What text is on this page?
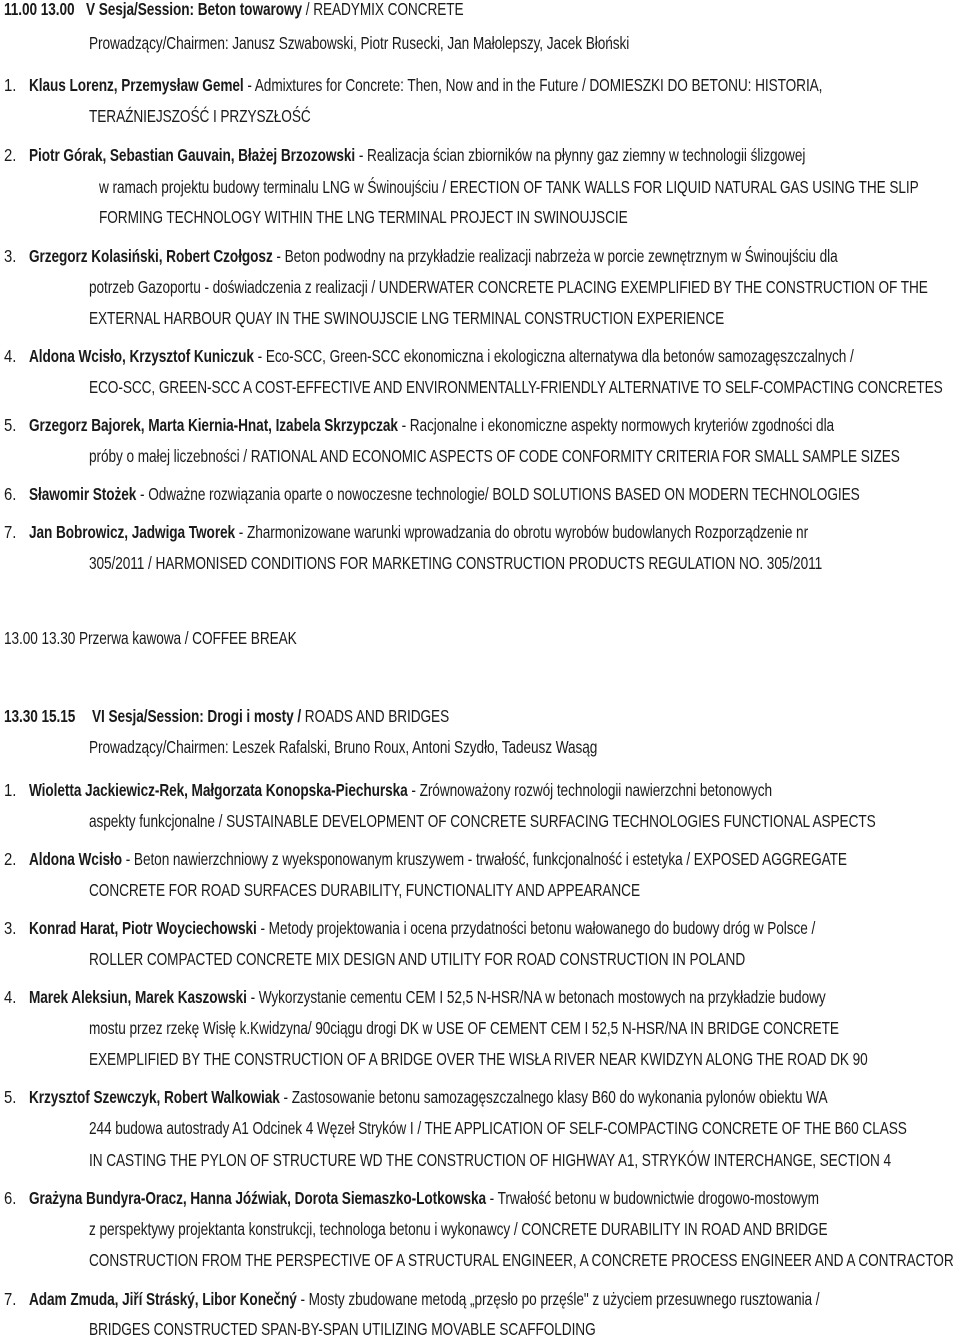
11.00 13.00 V Sesja/Session: Beton towarowy / READYMIX CONCRETE
Prowadzący/Chairmen: Janusz Szwabowski, Piotr Rusecki, Jan Małolepszy, Jacek Błoński
1. Klaus Lorenz, Przemysław Gemel - Admixtures for Concrete: Then, Now and in the Future / DOMIESZKI DO BETONU: HISTORIA,
TERAŹNIEJSZOŚĆ I PRZYSZŁOŚĆ
2. Piotr Górak, Sebastian Gauvain, Błażej Brzozowski - Realizacja ścian zbiorników na płynny gaz ziemny w technologii ślizgowej
w ramach projektu budowy terminalu LNG w Świnoujściu / ERECTION OF TANK WALLS FOR LIQUID NATURAL GAS USING THE SLIP
FORMING TECHNOLOGY WITHIN THE LNG TERMINAL PROJECT IN SWINOUJSCIE
3. Grzegorz Kolasiński, Robert Czołgosz - Beton podwodny na przykładzie realizacji nabrzeża w porcie zewnętrznym w Świnoujściu dla
potrzeb Gazoportu - doświadczenia z realizacji / UNDERWATER CONCRETE PLACING EXEMPLIFIED BY THE CONSTRUCTION OF THE
EXTERNAL HARBOUR QUAY IN THE SWINOUJSCIE LNG TERMINAL CONSTRUCTION EXPERIENCE
4. Aldona Wcisło, Krzysztof Kuniczuk - Eco-SCC, Green-SCC ekonomiczna i ekologiczna alternatywa dla betonów samozagęszczalnych /
ECO-SCC, GREEN-SCC A COST-EFFECTIVE AND ENVIRONMENTALLY-FRIENDLY ALTERNATIVE TO SELF-COMPACTING CONCRETES
5. Grzegorz Bajorek, Marta Kiernia-Hnat, Izabela Skrzypczak - Racjonalne i ekonomiczne aspekty normowych kryteriów zgodności dla
próby o małej liczebności / RATIONAL AND ECONOMIC ASPECTS OF CODE CONFORMITY CRITERIA FOR SMALL SAMPLE SIZES
6. Sławomir Stożek - Odważne rozwiązania oparte o nowoczesne technologie/ BOLD SOLUTIONS BASED ON MODERN TECHNOLOGIES
7. Jan Bobrowicz, Jadwiga Tworek - Zharmonizowane warunki wprowadzania do obrotu wyrobów budowlanych Rozporządzenie nr
305/2011 / HARMONISED CONDITIONS FOR MARKETING CONSTRUCTION PRODUCTS REGULATION NO. 305/2011
13.00 13.30 Przerwa kawowa / COFFEE BREAK
13.30 15.15 VI Sesja/Session: Drogi i mosty / ROADS AND BRIDGES
Prowadzący/Chairmen: Leszek Rafalski, Bruno Roux, Antoni Szydło, Tadeusz Wasąg
1. Wioletta Jackiewicz-Rek, Małgorzata Konopska-Piechurska - Zrównoważony rozwój technologii nawierzchni betonowych
aspekty funkcjonalne / SUSTAINABLE DEVELOPMENT OF CONCRETE SURFACING TECHNOLOGIES FUNCTIONAL ASPECTS
2. Aldona Wcisło - Beton nawierzchniowy z wyeksponowanym kruszywem - trwałość, funkcjonalność i estetyka / EXPOSED AGGREGATE
CONCRETE FOR ROAD SURFACES DURABILITY, FUNCTIONALITY AND APPEARANCE
3. Konrad Harat, Piotr Woyciechowski - Metody projektowania i ocena przydatności betonu wałowanego do budowy dróg w Polsce /
ROLLER COMPACTED CONCRETE MIX DESIGN AND UTILITY FOR ROAD CONSTRUCTION IN POLAND
4. Marek Aleksiun, Marek Kaszowski - Wykorzystanie cementu CEM I 52,5 N-HSR/NA w betonach mostowych na przykładzie budowy
mostu przez rzekę Wisłę k.Kwidzyna/ 90ciągu drogi DK w USE OF CEMENT CEM I 52,5 N-HSR/NA IN BRIDGE CONCRETE
EXEMPLIFIED BY THE CONSTRUCTION OF A BRIDGE OVER THE WISŁA RIVER NEAR KWIDZYN ALONG THE ROAD DK 90
5. Krzysztof Szewczyk, Robert Walkowiak - Zastosowanie betonu samozagęszczalnego klasy B60 do wykonania pylonów obiektu WA
244 budowa autostrady A1 Odcinek 4 Węzeł Stryków I / THE APPLICATION OF SELF-COMPACTING CONCRETE OF THE B60 CLASS
IN CASTING THE PYLON OF STRUCTURE WD THE CONSTRUCTION OF HIGHWAY A1, STRYKÓW INTERCHANGE, SECTION 4
6. Grażyna Bundyra-Oracz, Hanna Jóźwiak, Dorota Siemaszko-Lotkowska - Trwałość betonu w budownictwie drogowo-mostowym
z perspektywy projektanta konstrukcji, technologa betonu i wykonawcy / CONCRETE DURABILITY IN ROAD AND BRIDGE
CONSTRUCTION FROM THE PERSPECTIVE OF A STRUCTURAL ENGINEER, A CONCRETE PROCESS ENGINEER AND A CONTRACTOR
7. Adam Zmuda, Jiří Stráský, Libor Konečný - Mosty zbudowane metodą „przęsło po przęśle" z użyciem przesuwnego rusztowania /
BRIDGES CONSTRUCTED SPAN-BY-SPAN UTILIZING MOVABLE SCAFFOLDING
